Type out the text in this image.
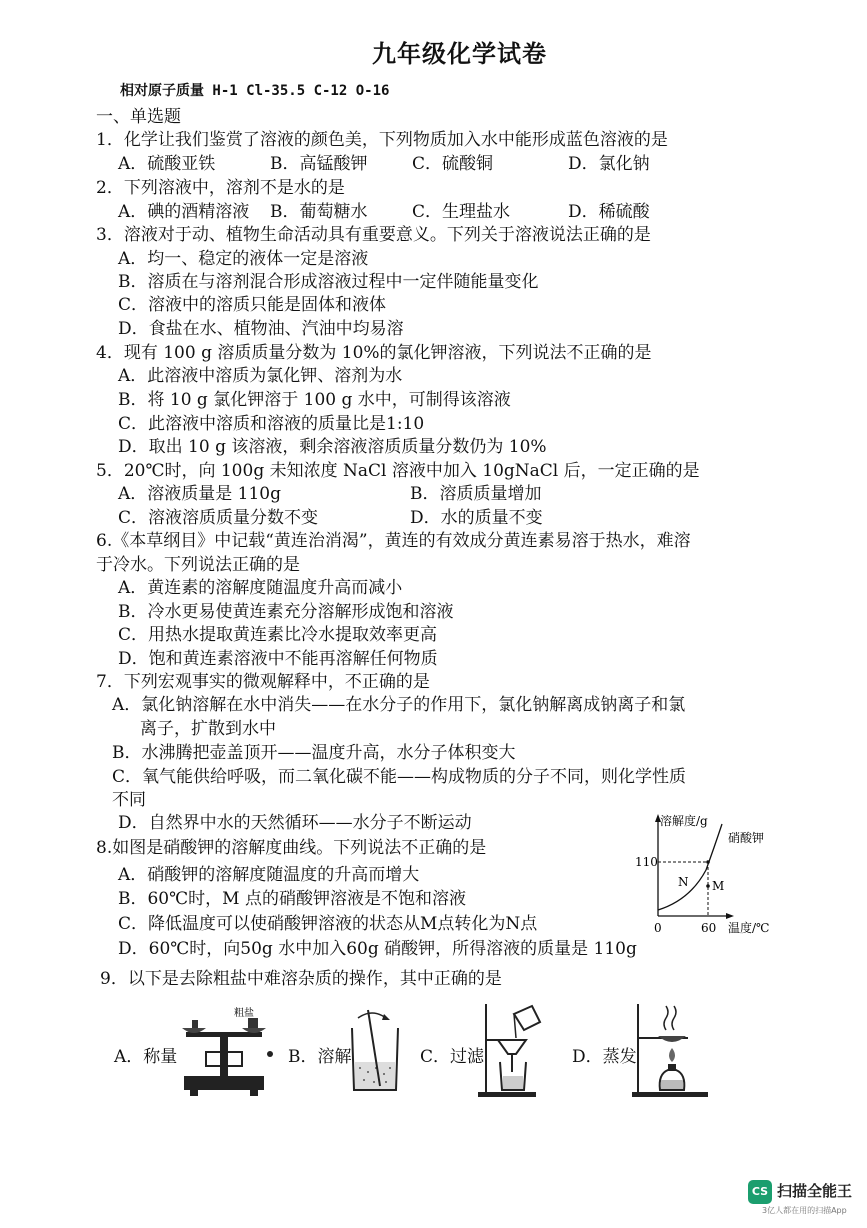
九年级化学试卷
相对原子质量 H-1 Cl-35.5 C-12 O-16
一、单选题
1．化学让我们鉴赏了溶液的颜色美，下列物质加入水中能形成蓝色溶液的是
A．硫酸亚铁	B．高锰酸钾	C．硫酸铜	D．氯化钠
2．下列溶液中，溶剂不是水的是
A．碘的酒精溶液 B．葡萄糖水	C．生理盐水	D．稀硫酸
3．溶液对于动、植物生命活动具有重要意义。下列关于溶液说法正确的是
A．均一、稳定的液体一定是溶液
B．溶质在与溶剂混合形成溶液过程中一定伴随能量变化
C．溶液中的溶质只能是固体和液体
D．食盐在水、植物油、汽油中均易溶
4．现有 100 g 溶质质量分数为 10%的氯化钾溶液，下列说法不正确的是
A．此溶液中溶质为氯化钾、溶剂为水
B．将 10 g 氯化钾溶于 100 g 水中，可制得该溶液
C．此溶液中溶质和溶液的质量比是1:10
D．取出 10 g 该溶液，剩余溶液溶质质量分数仍为 10%
5．20℃时，向 100g 未知浓度 NaCl 溶液中加入 10gNaCl 后，一定正确的是
A．溶液质量是 110g	B．溶质质量增加
C．溶液溶质质量分数不变	D．水的质量不变
6.《本草纲目》中记载“黄连治消渴”，黄连的有效成分黄连素易溶于热水，难溶
于冷水。下列说法正确的是
A．黄连素的溶解度随温度升高而减小
B．冷水更易使黄连素充分溶解形成饱和溶液
C．用热水提取黄连素比冷水提取效率更高
D．饱和黄连素溶液中不能再溶解任何物质
7．下列宏观事实的微观解释中，不正确的是
A．氯化钠溶解在水中消失——在水分子的作用下，氯化钠解离成钠离子和氯
离子，扩散到水中
B．水沸腾把壶盖顶开——温度升高，水分子体积变大
C．氧气能供给呼吸，而二氧化碳不能——构成物质的分子不同，则化学性质
不同
D．自然界中水的天然循环——水分子不断运动
8.如图是硝酸钾的溶解度曲线。下列说法不正确的是
A．硝酸钾的溶解度随温度的升高而增大
B．60℃时，M 点的硝酸钾溶液是不饱和溶液
C．降低温度可以使硝酸钾溶液的状态从M点转化为N点
D．60℃时，向50g 水中加入60g 硝酸钾，所得溶液的质量是 110g
溶解度/g
硝酸钾
110
0	60 温度/℃
N M
9．以下是去除粗盐中难溶杂质的操作，其中正确的是
A．称量
粗盐
B．溶解	C．过滤	D．蒸发
CS 扫描全能王
3亿人都在用的扫描App
